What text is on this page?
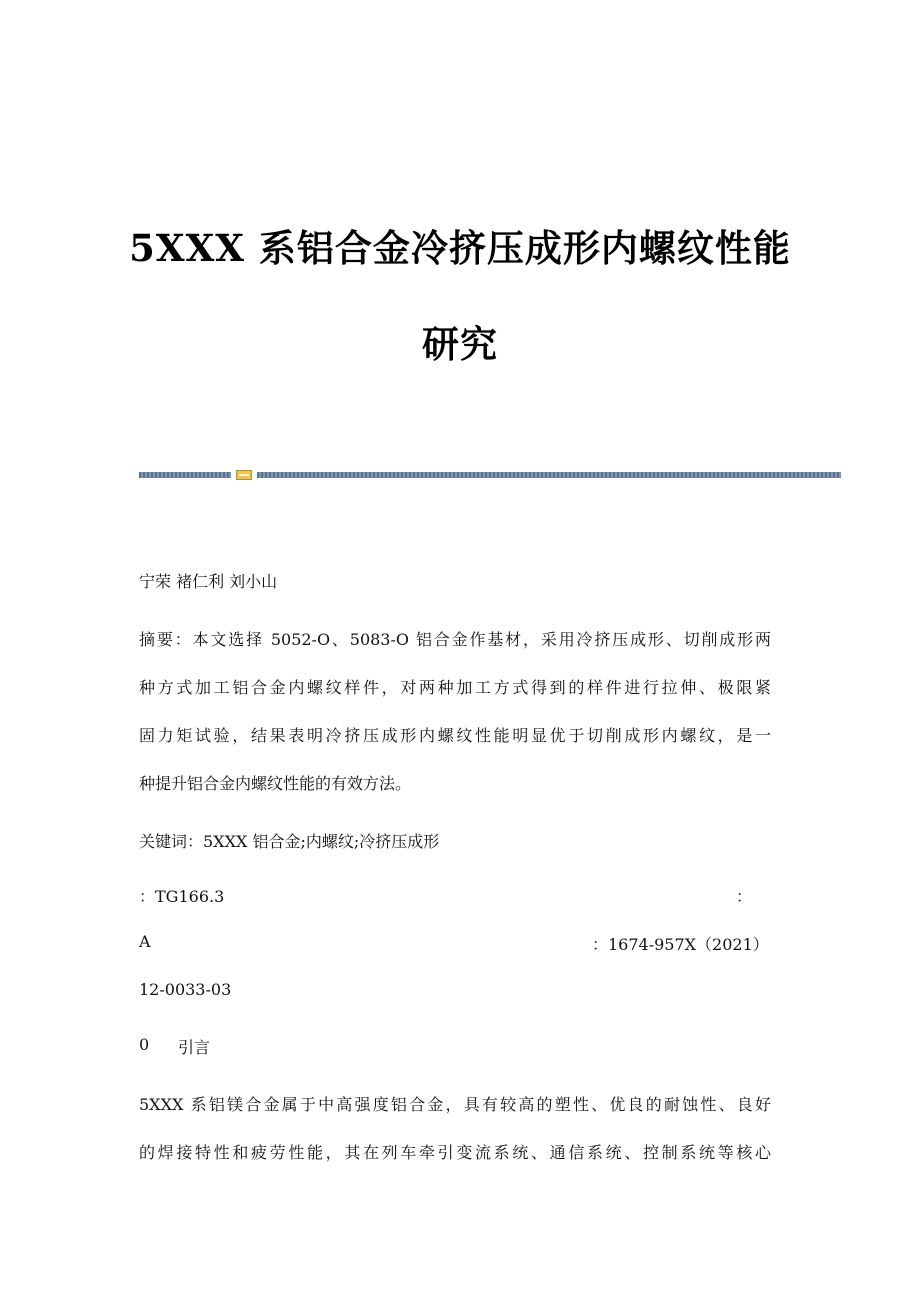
5XXX 系铝合金冷挤压成形内螺纹性能
研究
宁荣 褚仁利 刘小山
摘要：本文选择 5052-O、5083-O 铝合金作基材，采用冷挤压成形、切削成形两
种方式加工铝合金内螺纹样件，对两种加工方式得到的样件进行拉伸、极限紧
固力矩试验，结果表明冷挤压成形内螺纹性能明显优于切削成形内螺纹，是一
种提升铝合金内螺纹性能的有效方法。
关键词：5XXX 铝合金;内螺纹;冷挤压成形
：TG166.3	：
A	：1674-957X（2021）
12-0033-03
0 引言
5XXX 系铝镁合金属于中高强度铝合金，具有较高的塑性、优良的耐蚀性、良好
的焊接特性和疲劳性能，其在列车牵引变流系统、通信系统、控制系统等核心
